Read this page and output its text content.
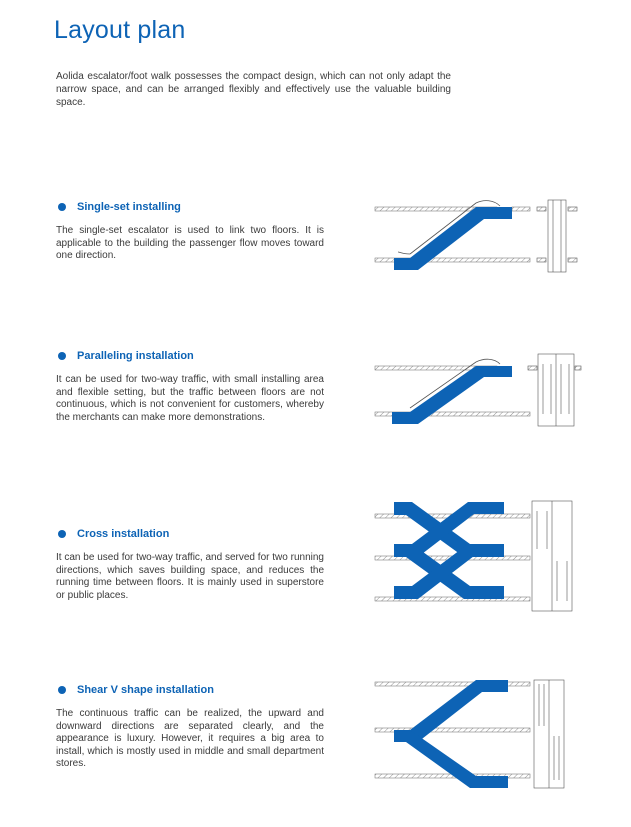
Layout plan
Aolida escalator/foot walk possesses the compact design, which can not only adapt the narrow space, and can be arranged flexibly and effectively use the valuable building space.
Single-set installing
The single-set escalator is used to link two floors. It is applicable to the building the passenger flow moves toward one direction.
Paralleling installation
It can be used for two-way traffic, with small installing area and flexible setting, but the traffic between floors are not continuous, which is not convenient for customers, whereby the merchants can make more demonstrations.
Cross installation
It can be used for two-way traffic, and served for two running directions, which saves building space, and reduces the running time between floors. It is mainly used in superstore or public places.
Shear V shape installation
The continuous traffic can be realized, the upward and downward directions are separated clearly, and the appearance is luxury. However, it requires a big area to install, which is mostly used in middle and small department stores.
